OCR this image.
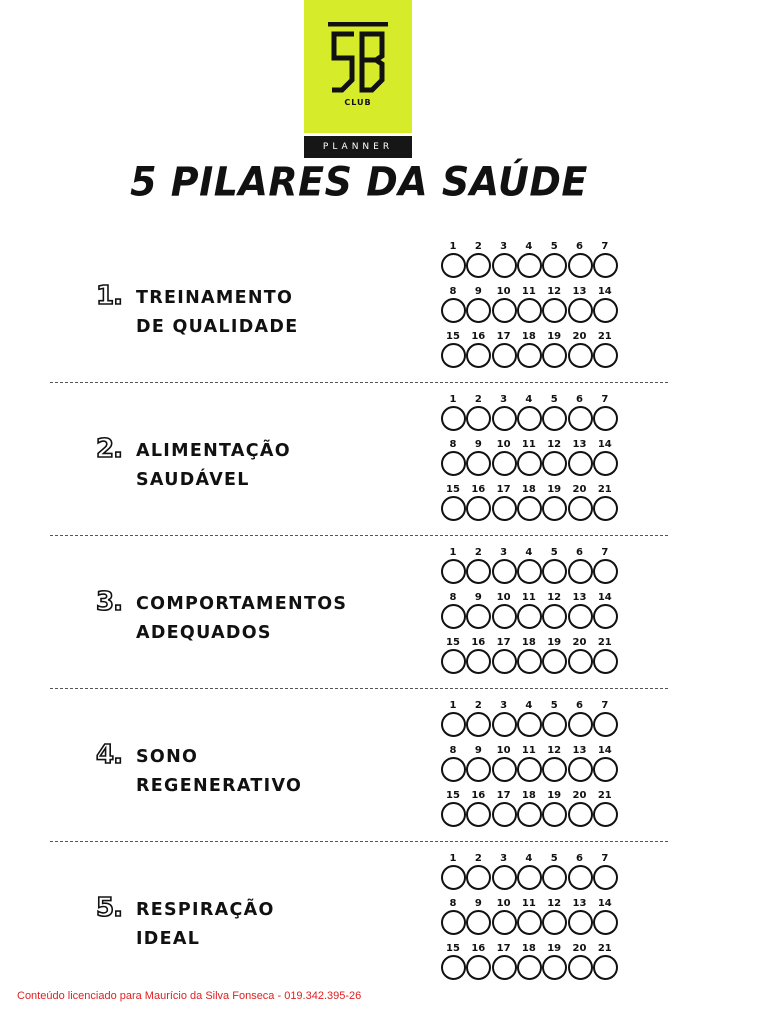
CLUB
PLANNER
5 PILARES DA SAÚDE
1. TREINAMENTO
DE QUALIDADE
1	2	3	4	5	6	7
8	9	10	11	12	13	14
15	16	17	18	19	20	21
2. ALIMENTAÇÃO
SAUDÁVEL
1	2	3	4	5	6	7
8	9	10	11	12	13	14
15	16	17	18	19	20	21
3. COMPORTAMENTOS
ADEQUADOS
1	2	3	4	5	6	7
8	9	10	11	12	13	14
15	16	17	18	19	20	21
4. SONO
REGENERATIVO
1	2	3	4	5	6	7
8	9	10	11	12	13	14
15	16	17	18	19	20	21
5. RESPIRAÇÃO
IDEAL
1	2	3	4	5	6	7
8	9	10	11	12	13	14
15	16	17	18	19	20	21
Conteúdo licenciado para Maurício da Silva Fonseca - 019.342.395-26
